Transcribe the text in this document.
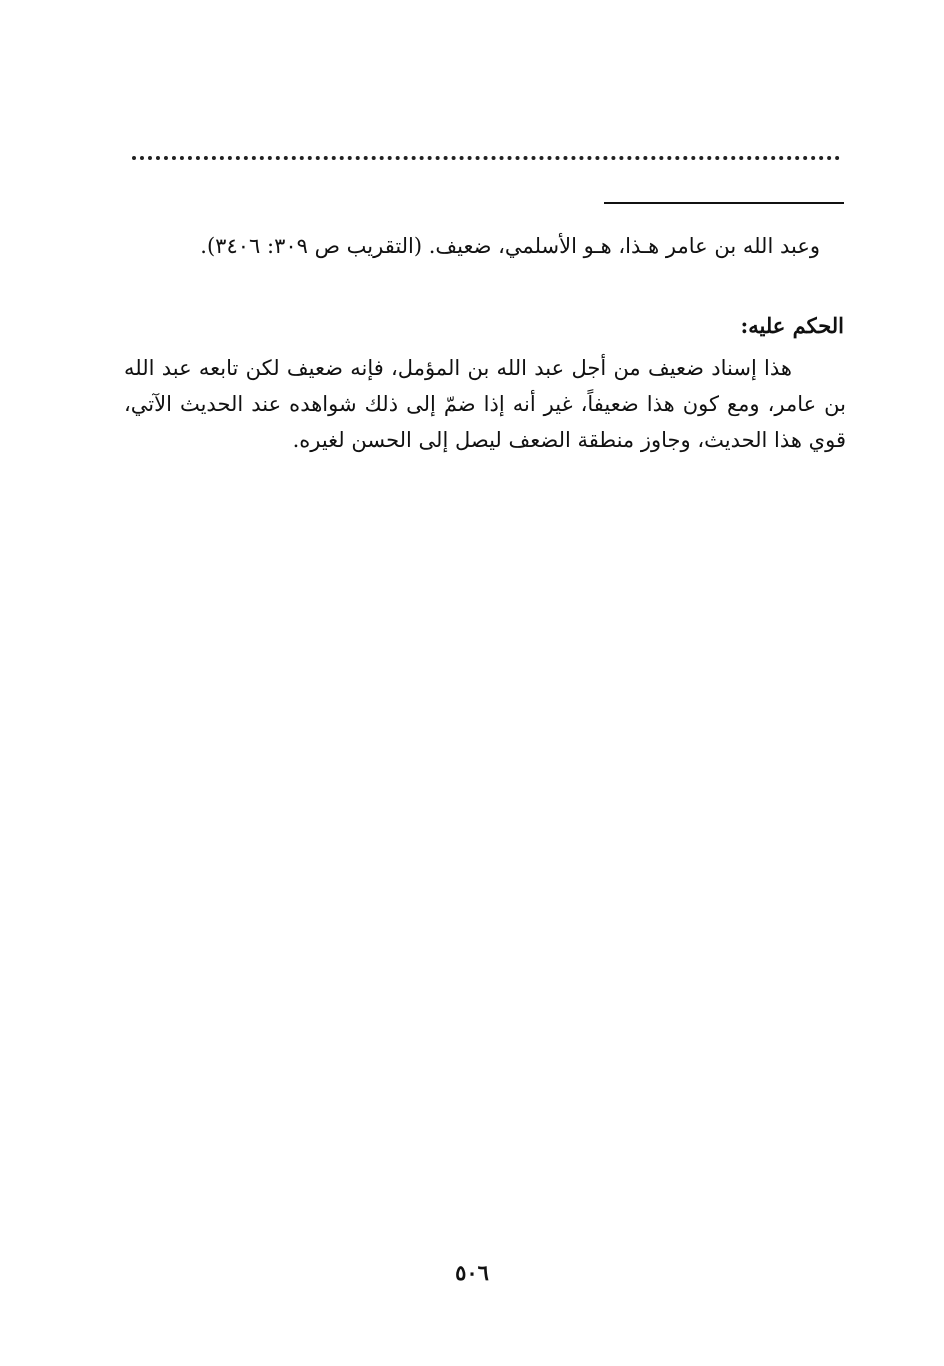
وعبد الله بن عامر هـذا، هـو الأسلمي، ضعيف. (التقريب ص ٣٠٩: ٣٤٠٦).

الحكم عليه:

هذا إسناد ضعيف من أجل عبد الله بن المؤمل، فإنه ضعيف لكن تابعه عبد الله بن عامر، ومع كون هذا ضعيفاً، غير أنه إذا ضمّ إلى ذلك شواهده عند الحديث الآتي، قوي هذا الحديث، وجاوز منطقة الضعف ليصل إلى الحسن لغيره.

٥٠٦
